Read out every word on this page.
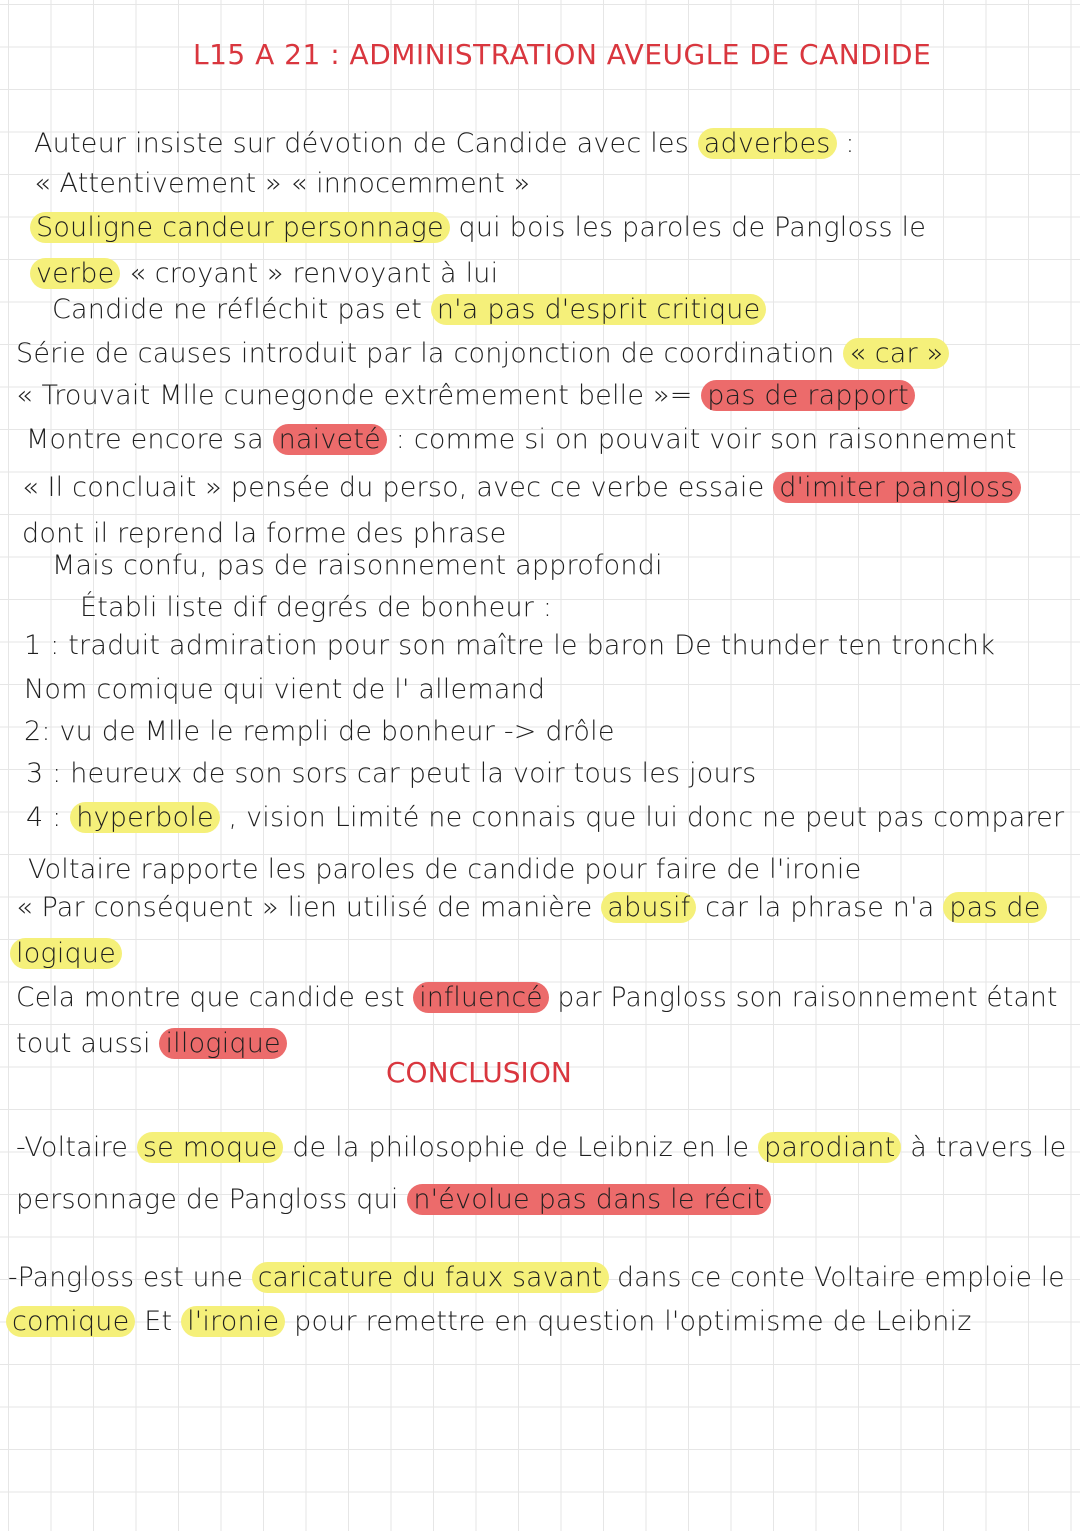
L15 A 21 : ADMINISTRATION AVEUGLE DE CANDIDE
Auteur insiste sur dévotion de Candide avec les adverbes :
« Attentivement » « innocemment »
Souligne candeur personnage qui bois les paroles de Pangloss le
verbe « croyant » renvoyant à lui
Candide ne réfléchit pas et n'a pas d'esprit critique
Série de causes introduit par la conjonction de coordination « car »
« Trouvait Mlle cunegonde extrêmement belle »= pas de rapport
Montre encore sa naiveté : comme si on pouvait voir son raisonnement
« Il concluait » pensée du perso, avec ce verbe essaie d'imiter pangloss
dont il reprend la forme des phrase
Mais confu, pas de raisonnement approfondi
Établi liste dif degrés de bonheur :
1 : traduit admiration pour son maître le baron De thunder ten tronchk
Nom comique qui vient de l' allemand
2: vu de Mlle le rempli de bonheur -> drôle
3 : heureux de son sors car peut la voir tous les jours
4 : hyperbole , vision Limité ne connais que lui donc ne peut pas comparer
Voltaire rapporte les paroles de candide pour faire de l'ironie
« Par conséquent » lien utilisé de manière abusif car la phrase n'a pas de
logique
Cela montre que candide est influencé par Pangloss son raisonnement étant
tout aussi illogique
CONCLUSION
-Voltaire se moque de la philosophie de Leibniz en le parodiant à travers le
personnage de Pangloss qui n'évolue pas dans le récit
-Pangloss est une caricature du faux savant dans ce conte Voltaire emploie le
comique Et l'ironie pour remettre en question l'optimisme de Leibniz
